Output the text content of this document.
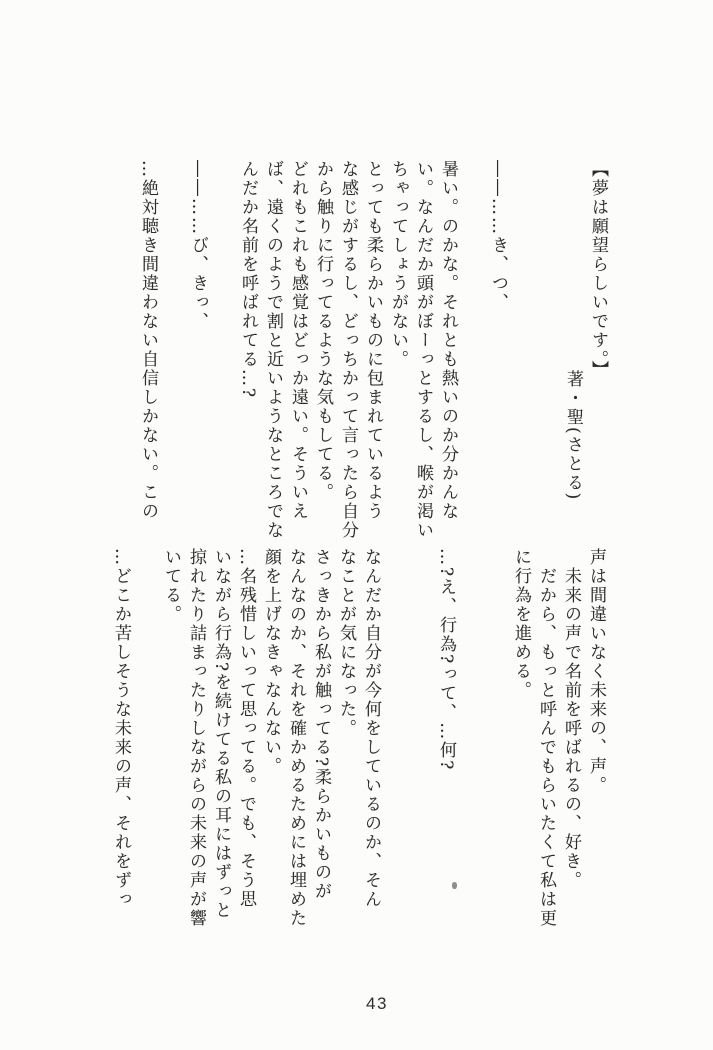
【夢は願望らしいです。】

著・聖(さとる)

――……き、つ、

暑い。のかな。それとも熱いのか分かんな

い。なんだか頭がぼーっとするし、喉が渇い

ちゃってしょうがない。

とっても柔らかいものに包まれているよう

な感じがするし、どっちかって言ったら自分

から触りに行ってるような気もしてる。

どれもこれも感覚はどっか遠い。そういえ

ば、遠くのようで割と近いようなところでな

んだか名前を呼ばれてる…?

――……び、きっ、

…絶対聴き間違わない自信しかない。この

声は間違いなく未来の、声。

　未来の声で名前を呼ばれるの、好き。

　だから、もっと呼んでもらいたくて私は更

に行為を進める。

…?え、行為?って、…何?

なんだか自分が今何をしているのか、そん

なことが気になった。

さっきから私が触ってる?柔らかいものが

なんなのか、それを確かめるためには埋めた

顔を上げなきゃなんない。

…名残惜しいって思ってる。でも、そう思

いながら行為?を続けてる私の耳にはずっと

掠れたり詰まったりしながらの未来の声が響

いてる。

…どこか苦しそうな未来の声、それをずっ

43
